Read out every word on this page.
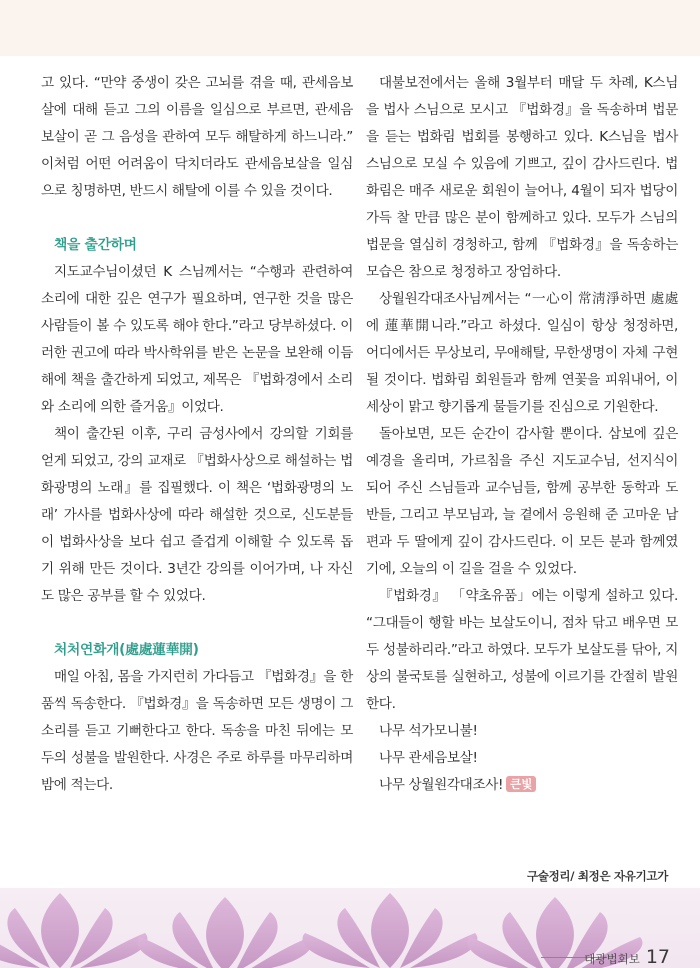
고 있다. “만약 중생이 갖은 고뇌를 겪을 때, 관세음보살에 대해 듣고 그의 이름을 일심으로 부르면, 관세음보살이 곧 그 음성을 관하여 모두 해탈하게 하느니라.” 이처럼 어떤 어려움이 닥치더라도 관세음보살을 일심으로 칭명하면, 반드시 해탈에 이를 수 있을 것이다.

책을 출간하며

지도교수님이셨던 K 스님께서는 “수행과 관련하여 소리에 대한 깊은 연구가 필요하며, 연구한 것을 많은 사람들이 볼 수 있도록 해야 한다.”라고 당부하셨다. 이러한 권고에 따라 박사학위를 받은 논문을 보완해 이듬해에 책을 출간하게 되었고, 제목은 『법화경에서 소리와 소리에 의한 즐거움』이었다.

책이 출간된 이후, 구리 금성사에서 강의할 기회를 얻게 되었고, 강의 교재로 『법화사상으로 해설하는 법화광명의 노래』를 집필했다. 이 책은 ‘법화광명의 노래’ 가사를 법화사상에 따라 해설한 것으로, 신도분들이 법화사상을 보다 쉽고 즐겁게 이해할 수 있도록 돕기 위해 만든 것이다. 3년간 강의를 이어가며, 나 자신도 많은 공부를 할 수 있었다.

처처연화개(處處蓮華開)

매일 아침, 몸을 가지런히 가다듬고 『법화경』을 한 품씩 독송한다. 『법화경』을 독송하면 모든 생명이 그 소리를 듣고 기뻐한다고 한다. 독송을 마친 뒤에는 모두의 성불을 발원한다. 사경은 주로 하루를 마무리하며 밤에 적는다.

대불보전에서는 올해 3월부터 매달 두 차례, K스님을 법사 스님으로 모시고 『법화경』을 독송하며 법문을 듣는 법화림 법회를 봉행하고 있다. K스님을 법사 스님으로 모실 수 있음에 기쁘고, 깊이 감사드린다. 법화림은 매주 새로운 회원이 늘어나, 4월이 되자 법당이 가득 찰 만큼 많은 분이 함께하고 있다. 모두가 스님의 법문을 열심히 경청하고, 함께 『법화경』을 독송하는 모습은 참으로 청정하고 장엄하다.

상월원각대조사님께서는 “一心이 常淸淨하면 處處에 蓮華開니라.”라고 하셨다. 일심이 항상 청정하면, 어디에서든 무상보리, 무애해탈, 무한생명이 자체 구현될 것이다. 법화림 회원들과 함께 연꽃을 피워내어, 이 세상이 맑고 향기롭게 물들기를 진심으로 기원한다.

돌아보면, 모든 순간이 감사할 뿐이다. 삼보에 깊은 예경을 올리며, 가르침을 주신 지도교수님, 선지식이 되어 주신 스님들과 교수님들, 함께 공부한 동학과 도반들, 그리고 부모님과, 늘 곁에서 응원해 준 고마운 남편과 두 딸에게 깊이 감사드린다. 이 모든 분과 함께였기에, 오늘의 이 길을 걸을 수 있었다.

『법화경』 「약초유품」에는 이렇게 설하고 있다. “그대들이 행할 바는 보살도이니, 점차 닦고 배우면 모두 성불하리라.”라고 하였다. 모두가 보살도를 닦아, 지상의 불국토를 실현하고, 성불에 이르기를 간절히 발원한다.

나무 석가모니불!

나무 관세음보살!

나무 상월원각대조사! 큰빛

구술정리/ 최정은 자유기고가
대광법회보 17
